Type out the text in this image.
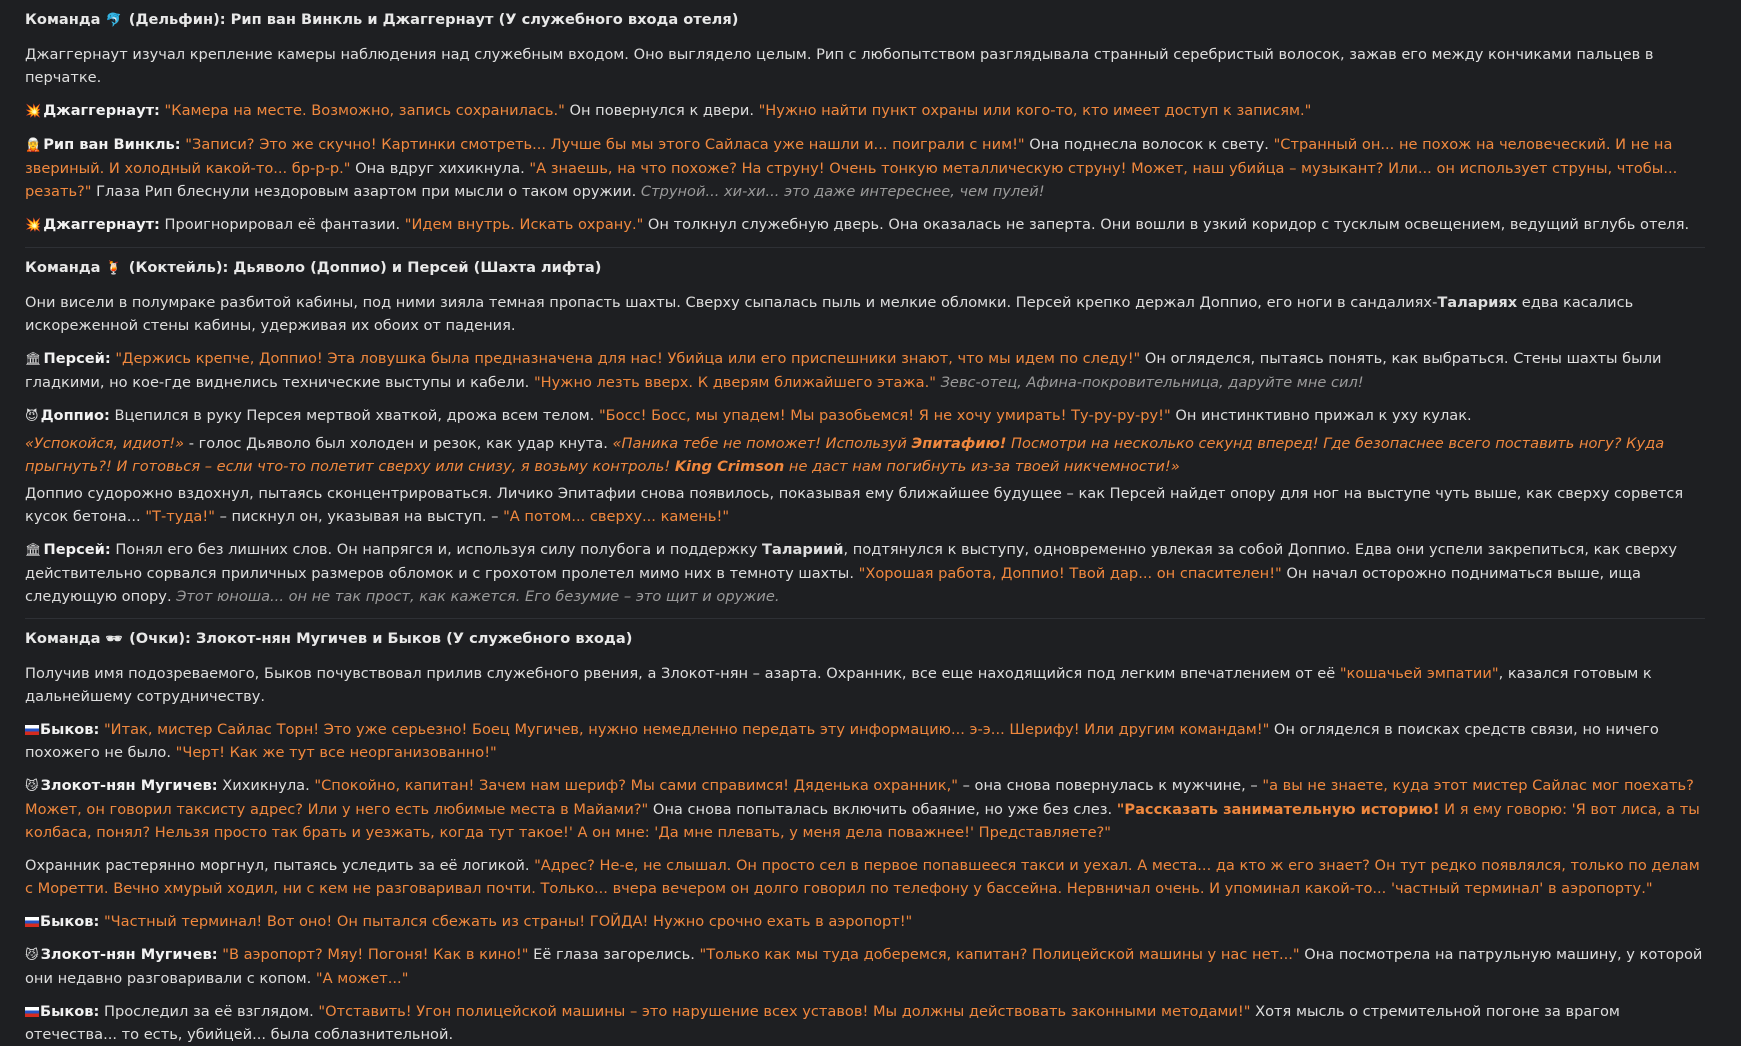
Команда 🐬 (Дельфин): Рип ван Винкль и Джаггернаут (У служебного входа отеля)

Джаггернаут изучал крепление камеры наблюдения над служебным входом. Оно выглядело целым. Рип с любопытством разглядывала странный серебристый волосок, зажав его между кончиками пальцев в перчатке.

💥 Джаггернаут: "Камера на месте. Возможно, запись сохранилась." Он повернулся к двери. "Нужно найти пункт охраны или кого-то, кто имеет доступ к записям."

🧝 Рип ван Винкль: "Записи? Это же скучно! Картинки смотреть... Лучше бы мы этого Сайласа уже нашли и... поиграли с ним!" Она поднесла волосок к свету. "Странный он... не похож на человеческий. И не на звериный. И холодный какой-то... бр-р-р." Она вдруг хихикнула. "А знаешь, на что похоже? На струну! Очень тонкую металлическую струну! Может, наш убийца – музыкант? Или... он использует струны, чтобы... резать?" Глаза Рип блеснули нездоровым азартом при мысли о таком оружии. Струной... хи-хи... это даже интереснее, чем пулей!

💥 Джаггернаут: Проигнорировал её фантазии. "Идем внутрь. Искать охрану." Он толкнул служебную дверь. Она оказалась не заперта. Они вошли в узкий коридор с тусклым освещением, ведущий вглубь отеля.

Команда 🍹 (Коктейль): Дьяволо (Доппио) и Персей (Шахта лифта)

Они висели в полумраке разбитой кабины, под ними зияла темная пропасть шахты. Сверху сыпалась пыль и мелкие обломки. Персей крепко держал Доппио, его ноги в сандалиях-Талариях едва касались искореженной стены кабины, удерживая их обоих от падения.

🏛 Персей: "Держись крепче, Доппио! Эта ловушка была предназначена для нас! Убийца или его приспешники знают, что мы идем по следу!" Он огляделся, пытаясь понять, как выбраться. Стены шахты были гладкими, но кое-где виднелись технические выступы и кабели. "Нужно лезть вверх. К дверям ближайшего этажа." Зевс-отец, Афина-покровительница, даруйте мне сил!

😈 Доппио: Вцепился в руку Персея мертвой хваткой, дрожа всем телом. "Босс! Босс, мы упадем! Мы разобьемся! Я не хочу умирать! Ту-ру-ру-ру!" Он инстинктивно прижал к уху кулак.

«Успокойся, идиот!» - голос Дьяволо был холоден и резок, как удар кнута. «Паника тебе не поможет! Используй Эпитафию! Посмотри на несколько секунд вперед! Где безопаснее всего поставить ногу? Куда прыгнуть?! И готовься – если что-то полетит сверху или снизу, я возьму контроль! King Crimson не даст нам погибнуть из-за твоей никчемности!»

Доппио судорожно вздохнул, пытаясь сконцентрироваться. Личико Эпитафии снова появилось, показывая ему ближайшее будущее – как Персей найдет опору для ног на выступе чуть выше, как сверху сорвется кусок бетона... "Т-туда!" – пискнул он, указывая на выступ. – "А потом... сверху... камень!"

🏛 Персей: Понял его без лишних слов. Он напрягся и, используя силу полубога и поддержку Талариий, подтянулся к выступу, одновременно увлекая за собой Доппио. Едва они успели закрепиться, как сверху действительно сорвался приличных размеров обломок и с грохотом пролетел мимо них в темноту шахты. "Хорошая работа, Доппио! Твой дар... он спасителен!" Он начал осторожно подниматься выше, ища следующую опору. Этот юноша... он не так прост, как кажется. Его безумие – это щит и оружие.

Команда 🕶 (Очки): Злокот-нян Мугичев и Быков (У служебного входа)

Получив имя подозреваемого, Быков почувствовал прилив служебного рвения, а Злокот-нян – азарта. Охранник, все еще находящийся под легким впечатлением от её "кошачьей эмпатии", казался готовым к дальнейшему сотрудничеству.

Быков: "Итак, мистер Сайлас Торн! Это уже серьезно! Боец Мугичев, нужно немедленно передать эту информацию... э-э... Шерифу! Или другим командам!" Он огляделся в поисках средств связи, но ничего похожего не было. "Черт! Как же тут все неорганизованно!"

😼 Злокот-нян Мугичев: Хихикнула. "Спокойно, капитан! Зачем нам шериф? Мы сами справимся! Дяденька охранник," – она снова повернулась к мужчине, – "а вы не знаете, куда этот мистер Сайлас мог поехать? Может, он говорил таксисту адрес? Или у него есть любимые места в Майами?" Она снова попыталась включить обаяние, но уже без слез. "Рассказать занимательную историю! И я ему говорю: 'Я вот лиса, а ты колбаса, понял? Нельзя просто так брать и уезжать, когда тут такое!' А он мне: 'Да мне плевать, у меня дела поважнее!' Представляете?"

Охранник растерянно моргнул, пытаясь уследить за её логикой. "Адрес? Не-е, не слышал. Он просто сел в первое попавшееся такси и уехал. А места... да кто ж его знает? Он тут редко появлялся, только по делам с Моретти. Вечно хмурый ходил, ни с кем не разговаривал почти. Только... вчера вечером он долго говорил по телефону у бассейна. Нервничал очень. И упоминал какой-то... 'частный терминал' в аэропорту."

Быков: "Частный терминал! Вот оно! Он пытался сбежать из страны! ГОЙДА! Нужно срочно ехать в аэропорт!"

😼 Злокот-нян Мугичев: "В аэропорт? Мяу! Погоня! Как в кино!" Её глаза загорелись. "Только как мы туда доберемся, капитан? Полицейской машины у нас нет..." Она посмотрела на патрульную машину, у которой они недавно разговаривали с копом. "А может..."

Быков: Проследил за её взглядом. "Отставить! Угон полицейской машины – это нарушение всех уставов! Мы должны действовать законными методами!" Хотя мысль о стремительной погоне за врагом отечества... то есть, убийцей... была соблазнительной.
